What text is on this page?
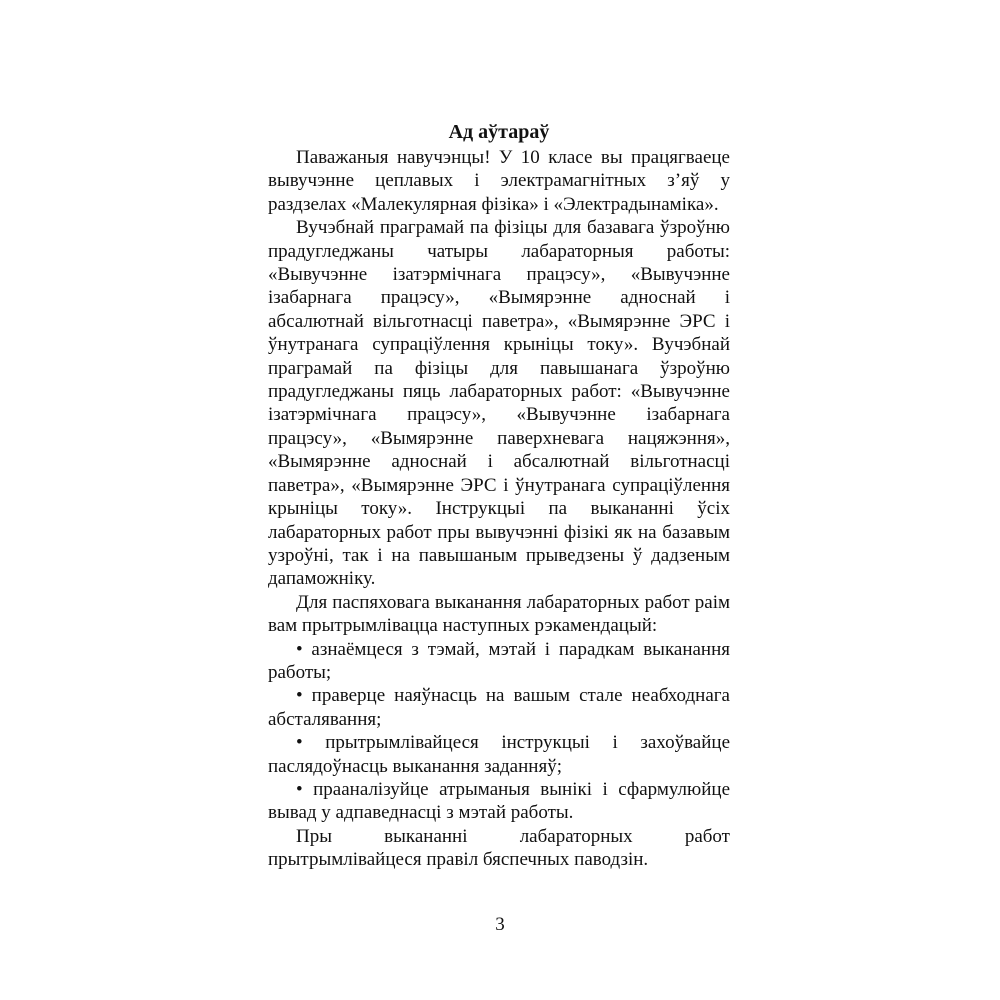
Ад аўтараў

Паважаныя навучэнцы! У 10 класе вы працягваеце вывучэнне цеплавых і электрамагнітных з’яў у раздзелах «Малекулярная фізіка» і «Электрадынаміка».

Вучэбнай праграмай па фізіцы для базавага ўзроўню прадугледжаны чатыры лабараторныя работы: «Вывучэнне ізатэрмічнага працэсу», «Вывучэнне ізабарнага працэсу», «Вымярэнне адноснай і абсалютнай вільготнасці паветра», «Вымярэнне ЭРС і ўнутранага супраціўлення крыніцы току». Вучэбнай праграмай па фізіцы для павышанага ўзроўню прадугледжаны пяць лабараторных работ: «Вывучэнне ізатэрмічнага працэсу», «Вывучэнне ізабарнага працэсу», «Вымярэнне паверхневага нацяжэння», «Вымярэнне адноснай і абсалютнай вільготнасці паветра», «Вымярэнне ЭРС і ўнутранага супраціўлення крыніцы току». Інструкцыі па выкананні ўсіх лабараторных работ пры вывучэнні фізікі як на базавым узроўні, так і на павышаным прыведзены ў дадзеным дапаможніку.

Для паспяховага выканання лабараторных работ раім вам прытрымлівацца наступных рэкамендацый:

• азнаёмцеся з тэмай, мэтай і парадкам выканання работы;

• праверце наяўнасць на вашым стале неабходнага абсталявання;

• прытрымлівайцеся інструкцыі і захоўвайце паслядоўнасць выканання заданняў;

• прааналізуйце атрыманыя вынікі і сфармулюйце вывад у адпаведнасці з мэтай работы.

Пры выкананні лабараторных работ прытрымлівайцеся правіл бяспечных паводзін.

3
